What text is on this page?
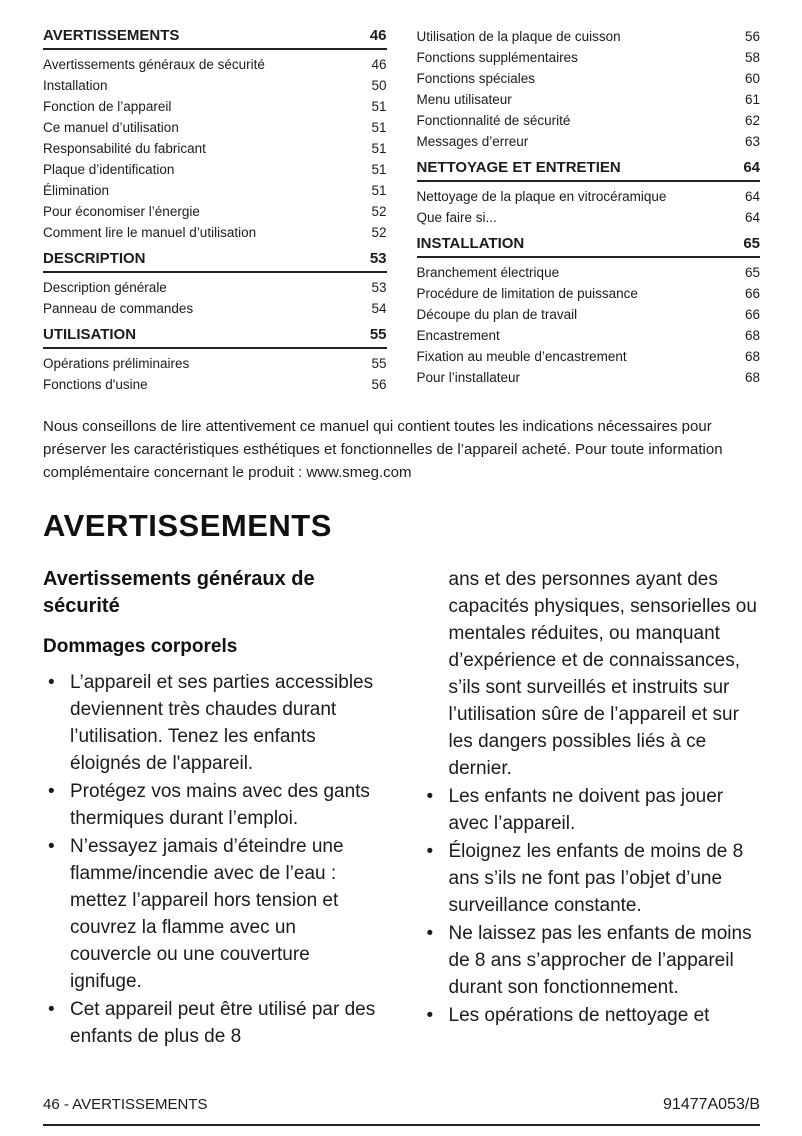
AVERTISSEMENTS	46
Avertissements généraux de sécurité	46
Installation	50
Fonction de l’appareil	51
Ce manuel d’utilisation	51
Responsabilité du fabricant	51
Plaque d’identification	51
Élimination	51
Pour économiser l’énergie	52
Comment lire le manuel d’utilisation	52
DESCRIPTION	53
Description générale	53
Panneau de commandes	54
UTILISATION	55
Opérations préliminaires	55
Fonctions d'usine	56
Utilisation de la plaque de cuisson	56
Fonctions supplémentaires	58
Fonctions spéciales	60
Menu utilisateur	61
Fonctionnalité de sécurité	62
Messages d’erreur	63
NETTOYAGE ET ENTRETIEN	64
Nettoyage de la plaque en vitrocéramique	64
Que faire si...	64
INSTALLATION	65
Branchement électrique	65
Procédure de limitation de puissance	66
Découpe du plan de travail	66
Encastrement	68
Fixation au meuble d’encastrement	68
Pour l’installateur	68

Nous conseillons de lire attentivement ce manuel qui contient toutes les indications nécessaires pour préserver les caractéristiques esthétiques et fonctionnelles de l’appareil acheté. Pour toute information complémentaire concernant le produit : www.smeg.com

AVERTISSEMENTS
Avertissements généraux de sécurité
Dommages corporels
• L’appareil et ses parties accessibles deviennent très chaudes durant l’utilisation. Tenez les enfants éloignés de l'appareil.
• Protégez vos mains avec des gants thermiques durant l’emploi.
• N’essayez jamais d’éteindre une flamme/incendie avec de l’eau : mettez l’appareil hors tension et couvrez la flamme avec un couvercle ou une couverture ignifuge.
• Cet appareil peut être utilisé par des enfants de plus de 8

ans et des personnes ayant des capacités physiques, sensorielles ou mentales réduites, ou manquant d’expérience et de connaissances, s’ils sont surveillés et instruits sur l’utilisation sûre de l’appareil et sur les dangers possibles liés à ce dernier.

• Les enfants ne doivent pas jouer avec l’appareil.
• Éloignez les enfants de moins de 8 ans s’ils ne font pas l’objet d’une surveillance constante.
• Ne laissez pas les enfants de moins de 8 ans s’approcher de l’appareil durant son fonctionnement.
• Les opérations de nettoyage et
46 - AVERTISSEMENTS	91477A053/B
